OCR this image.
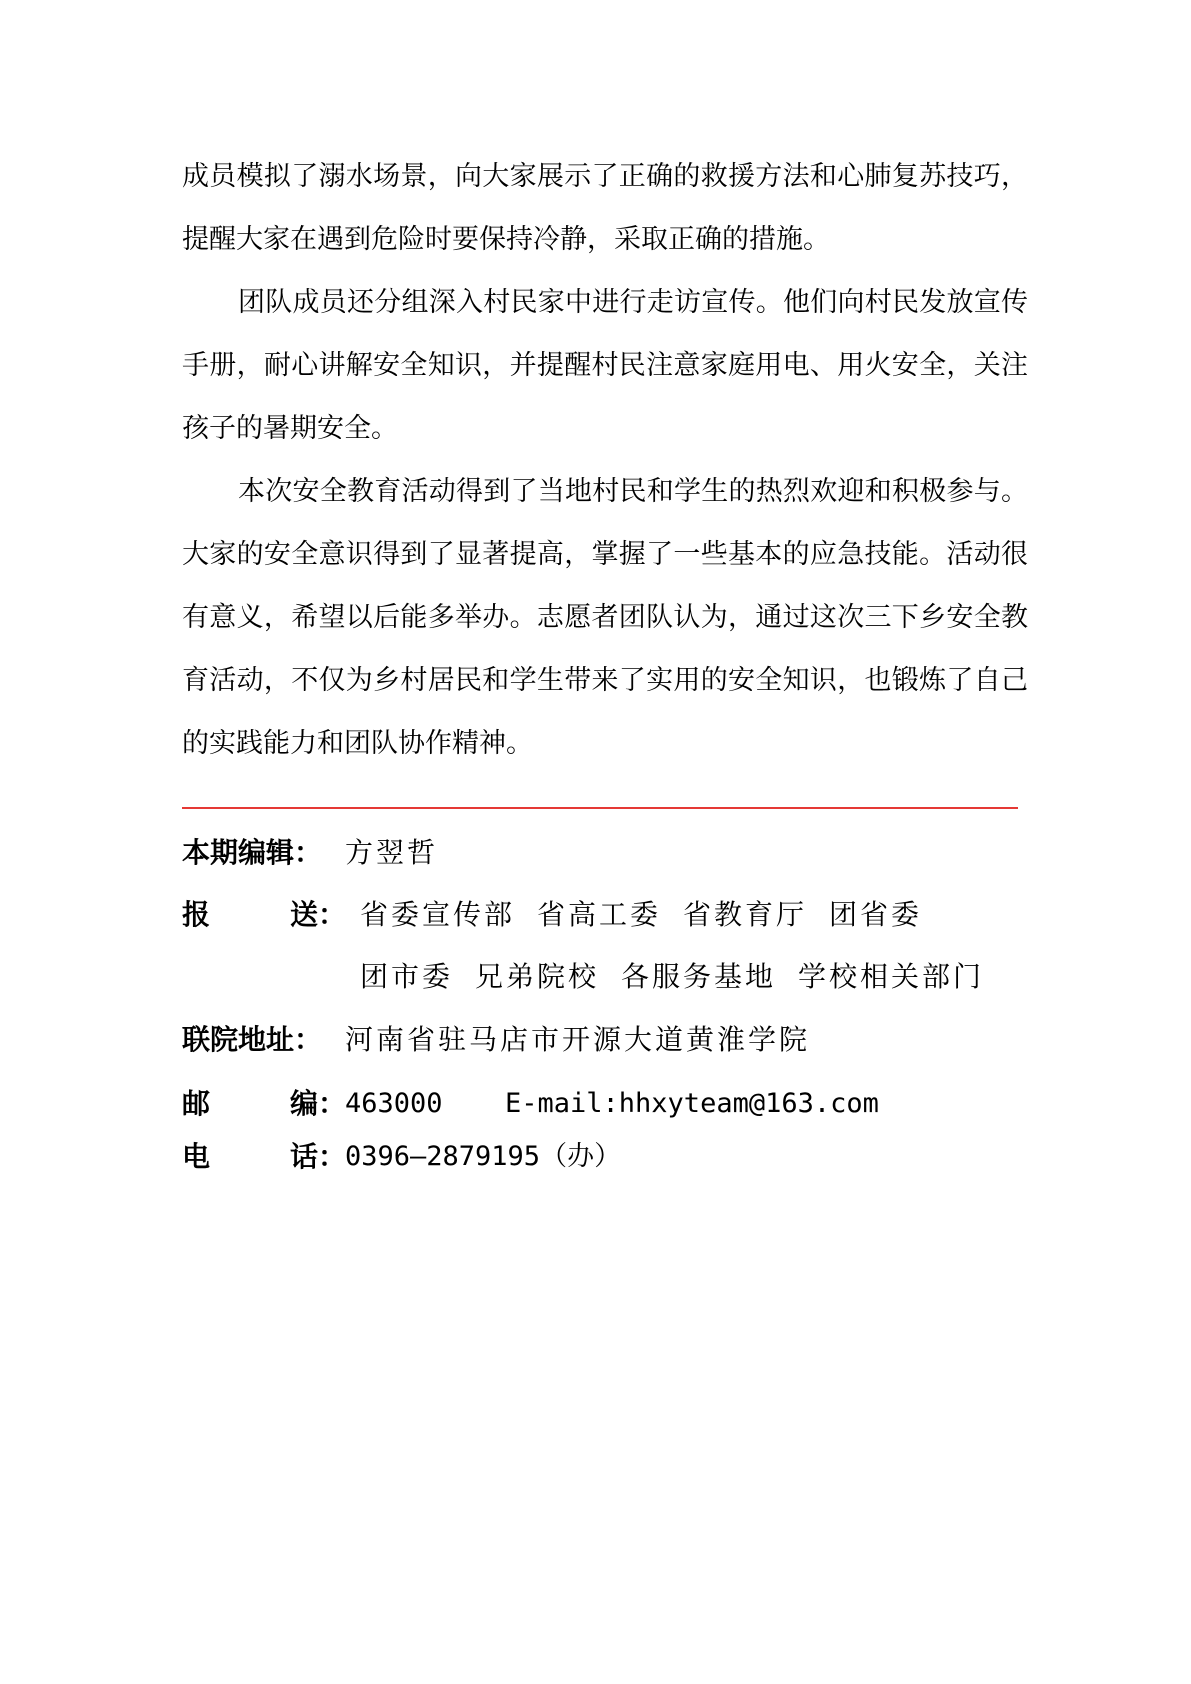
成员模拟了溺水场景，向大家展示了正确的救援方法和心肺复苏技巧，提醒大家在遇到危险时要保持冷静，采取正确的措施。

团队成员还分组深入村民家中进行走访宣传。他们向村民发放宣传手册，耐心讲解安全知识，并提醒村民注意家庭用电、用火安全，关注孩子的暑期安全。

本次安全教育活动得到了当地村民和学生的热烈欢迎和积极参与。大家的安全意识得到了显著提高，掌握了一些基本的应急技能。活动很有意义，希望以后能多举办。志愿者团队认为，通过这次三下乡安全教育活动，不仅为乡村居民和学生带来了实用的安全知识，也锻炼了自己的实践能力和团队协作精神。

本期编辑： 方翌哲
报送： 省委宣传部 省高工委 省教育厅 团省委
团市委 兄弟院校 各服务基地 学校相关部门
联院地址： 河南省驻马店市开源大道黄淮学院
邮编：
463000 E-mail:hhxyteam@163.com
电话：
0396—2879195（办）
